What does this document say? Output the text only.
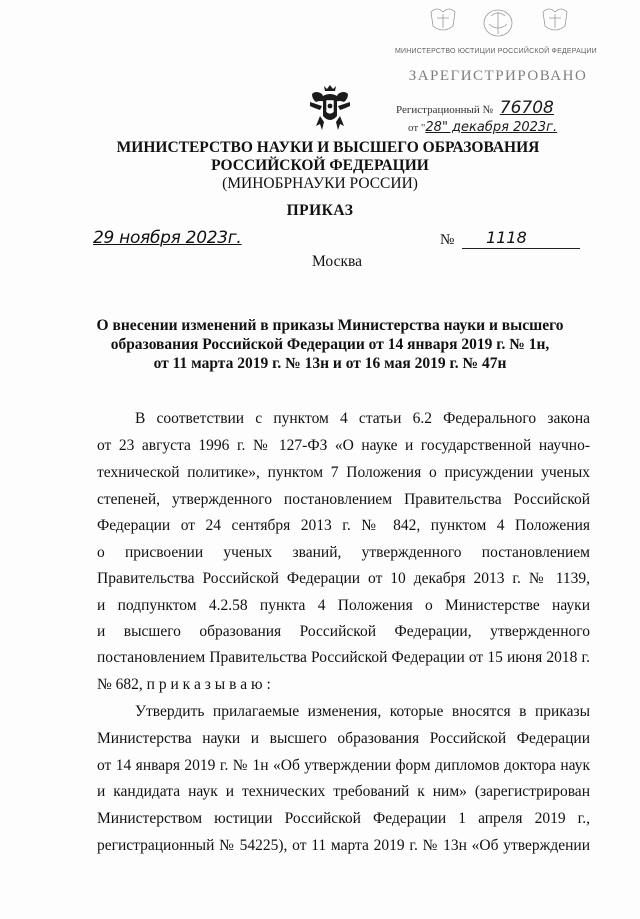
МИНИСТЕРСТВО ЮСТИЦИИ РОССИЙСКОЙ ФЕДЕРАЦИИ
ЗАРЕГИСТРИРОВАНО
Регистрационный № 76708
от "28" декабря 2023г.
МИНИСТЕРСТВО НАУКИ И ВЫСШЕГО ОБРАЗОВАНИЯ
РОССИЙСКОЙ ФЕДЕРАЦИИ
(МИНОБРНАУКИ РОССИИ)
ПРИКАЗ
29 ноября 2023г.	№ 1118
Москва
О внесении изменений в приказы Министерства науки и высшего
образования Российской Федерации от 14 января 2019 г. № 1н,
от 11 марта 2019 г. № 13н и от 16 мая 2019 г. № 47н
В соответствии с пунктом 4 статьи 6.2 Федерального закона
от 23 августа 1996 г. № 127-ФЗ «О науке и государственной научно-
технической политике», пунктом 7 Положения о присуждении ученых
степеней, утвержденного постановлением Правительства Российской
Федерации от 24 сентября 2013 г. № 842, пунктом 4 Положения
о присвоении ученых званий, утвержденного постановлением
Правительства Российской Федерации от 10 декабря 2013 г. № 1139,
и подпунктом 4.2.58 пункта 4 Положения о Министерстве науки
и высшего образования Российской Федерации, утвержденного
постановлением Правительства Российской Федерации от 15 июня 2018 г.
№ 682, п р и к а з ы в а ю :
Утвердить прилагаемые изменения, которые вносятся в приказы
Министерства науки и высшего образования Российской Федерации
от 14 января 2019 г. № 1н «Об утверждении форм дипломов доктора наук
и кандидата наук и технических требований к ним» (зарегистрирован
Министерством юстиции Российской Федерации 1 апреля 2019 г.,
регистрационный № 54225), от 11 марта 2019 г. № 13н «Об утверждении
